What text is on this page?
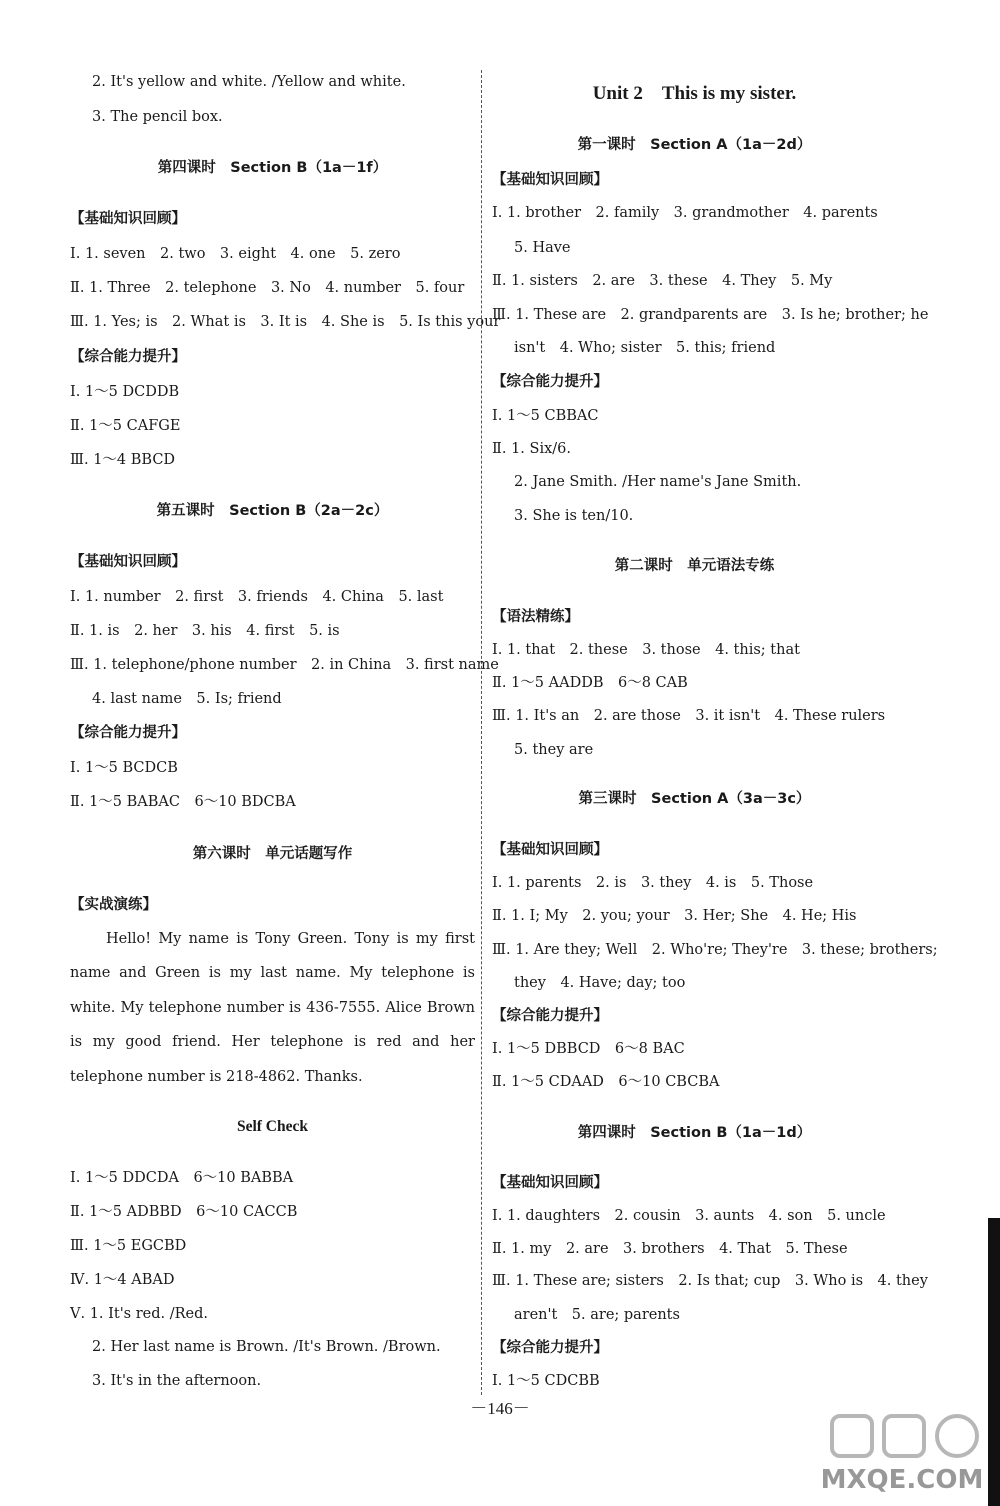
2. It's yellow and white. /Yellow and white.
3. The pencil box.
第四课时　Section B（1a－1f）
【基础知识回顾】
Ⅰ. 1. seven　2. two　3. eight　4. one　5. zero
Ⅱ. 1. Three　2. telephone　3. No　4. number　5. four
Ⅲ. 1. Yes; is　2. What is　3. It is　4. She is　5. Is this your
【综合能力提升】
Ⅰ. 1～5 DCDDB
Ⅱ. 1～5 CAFGE
Ⅲ. 1～4 BBCD
第五课时　Section B（2a－2c）
【基础知识回顾】
Ⅰ. 1. number　2. first　3. friends　4. China　5. last
Ⅱ. 1. is　2. her　3. his　4. first　5. is
Ⅲ. 1. telephone/phone number　2. in China　3. first name
4. last name　5. Is; friend
【综合能力提升】
Ⅰ. 1～5 BCDCB
Ⅱ. 1～5 BABAC　6～10 BDCBA
第六课时　单元话题写作
【实战演练】
Hello! My name is Tony Green. Tony is my first name and Green is my last name. My telephone is white. My telephone number is 436-7555. Alice Brown is my good friend. Her telephone is red and her telephone number is 218-4862. Thanks.
Self Check
Ⅰ. 1～5 DDCDA　6～10 BABBA
Ⅱ. 1～5 ADBBD　6～10 CACCB
Ⅲ. 1～5 EGCBD
Ⅳ. 1～4 ABAD
Ⅴ. 1. It's red. /Red.
2. Her last name is Brown. /It's Brown. /Brown.
3. It's in the afternoon.
Unit 2　This is my sister.
第一课时　Section A（1a－2d）
【基础知识回顾】
Ⅰ. 1. brother　2. family　3. grandmother　4. parents
5. Have
Ⅱ. 1. sisters　2. are　3. these　4. They　5. My
Ⅲ. 1. These are　2. grandparents are　3. Is he; brother; he
isn't　4. Who; sister　5. this; friend
【综合能力提升】
Ⅰ. 1～5 CBBAC
Ⅱ. 1. Six/6.
2. Jane Smith. /Her name's Jane Smith.
3. She is ten/10.
第二课时　单元语法专练
【语法精练】
Ⅰ. 1. that　2. these　3. those　4. this; that
Ⅱ. 1～5 AADDB　6～8 CAB
Ⅲ. 1. It's an　2. are those　3. it isn't　4. These rulers
5. they are
第三课时　Section A（3a－3c）
【基础知识回顾】
Ⅰ. 1. parents　2. is　3. they　4. is　5. Those
Ⅱ. 1. I; My　2. you; your　3. Her; She　4. He; His
Ⅲ. 1. Are they; Well　2. Who're; They're　3. these; brothers;
they　4. Have; day; too
【综合能力提升】
Ⅰ. 1～5 DBBCD　6～8 BAC
Ⅱ. 1～5 CDAAD　6～10 CBCBA
第四课时　Section B（1a－1d）
【基础知识回顾】
Ⅰ. 1. daughters　2. cousin　3. aunts　4. son　5. uncle
Ⅱ. 1. my　2. are　3. brothers　4. That　5. These
Ⅲ. 1. These are; sisters　2. Is that; cup　3. Who is　4. they
aren't　5. are; parents
【综合能力提升】
Ⅰ. 1～5 CDCBB
－146－
MXQE.COM
